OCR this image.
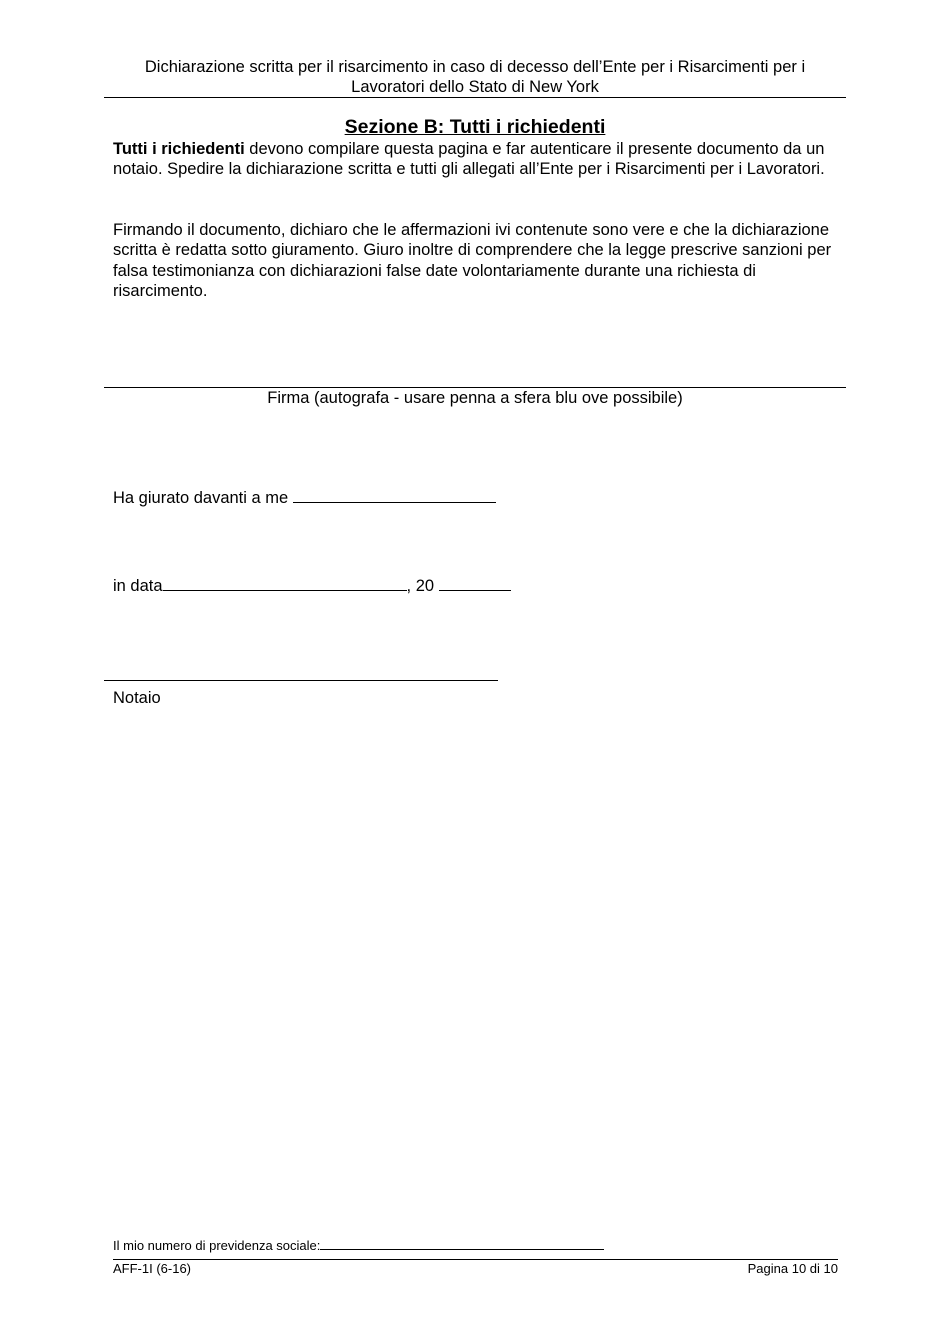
Dichiarazione scritta per il risarcimento in caso di decesso dell’Ente per i Risarcimenti per i
Lavoratori dello Stato di New York
Sezione B: Tutti i richiedenti
Tutti i richiedenti devono compilare questa pagina e far autenticare il presente documento da un notaio. Spedire la dichiarazione scritta e tutti gli allegati all’Ente per i Risarcimenti per i Lavoratori.
Firmando il documento, dichiaro che le affermazioni ivi contenute sono vere e che la dichiarazione scritta è redatta sotto giuramento. Giuro inoltre di comprendere che la legge prescrive sanzioni per falsa testimonianza con dichiarazioni false date volontariamente durante una richiesta di risarcimento.
Firma (autografa - usare penna a sfera blu ove possibile)
Ha giurato davanti a me
in data	, 20
Notaio
Il mio numero di previdenza sociale:
AFF-1I (6-16)	Pagina 10 di 10
